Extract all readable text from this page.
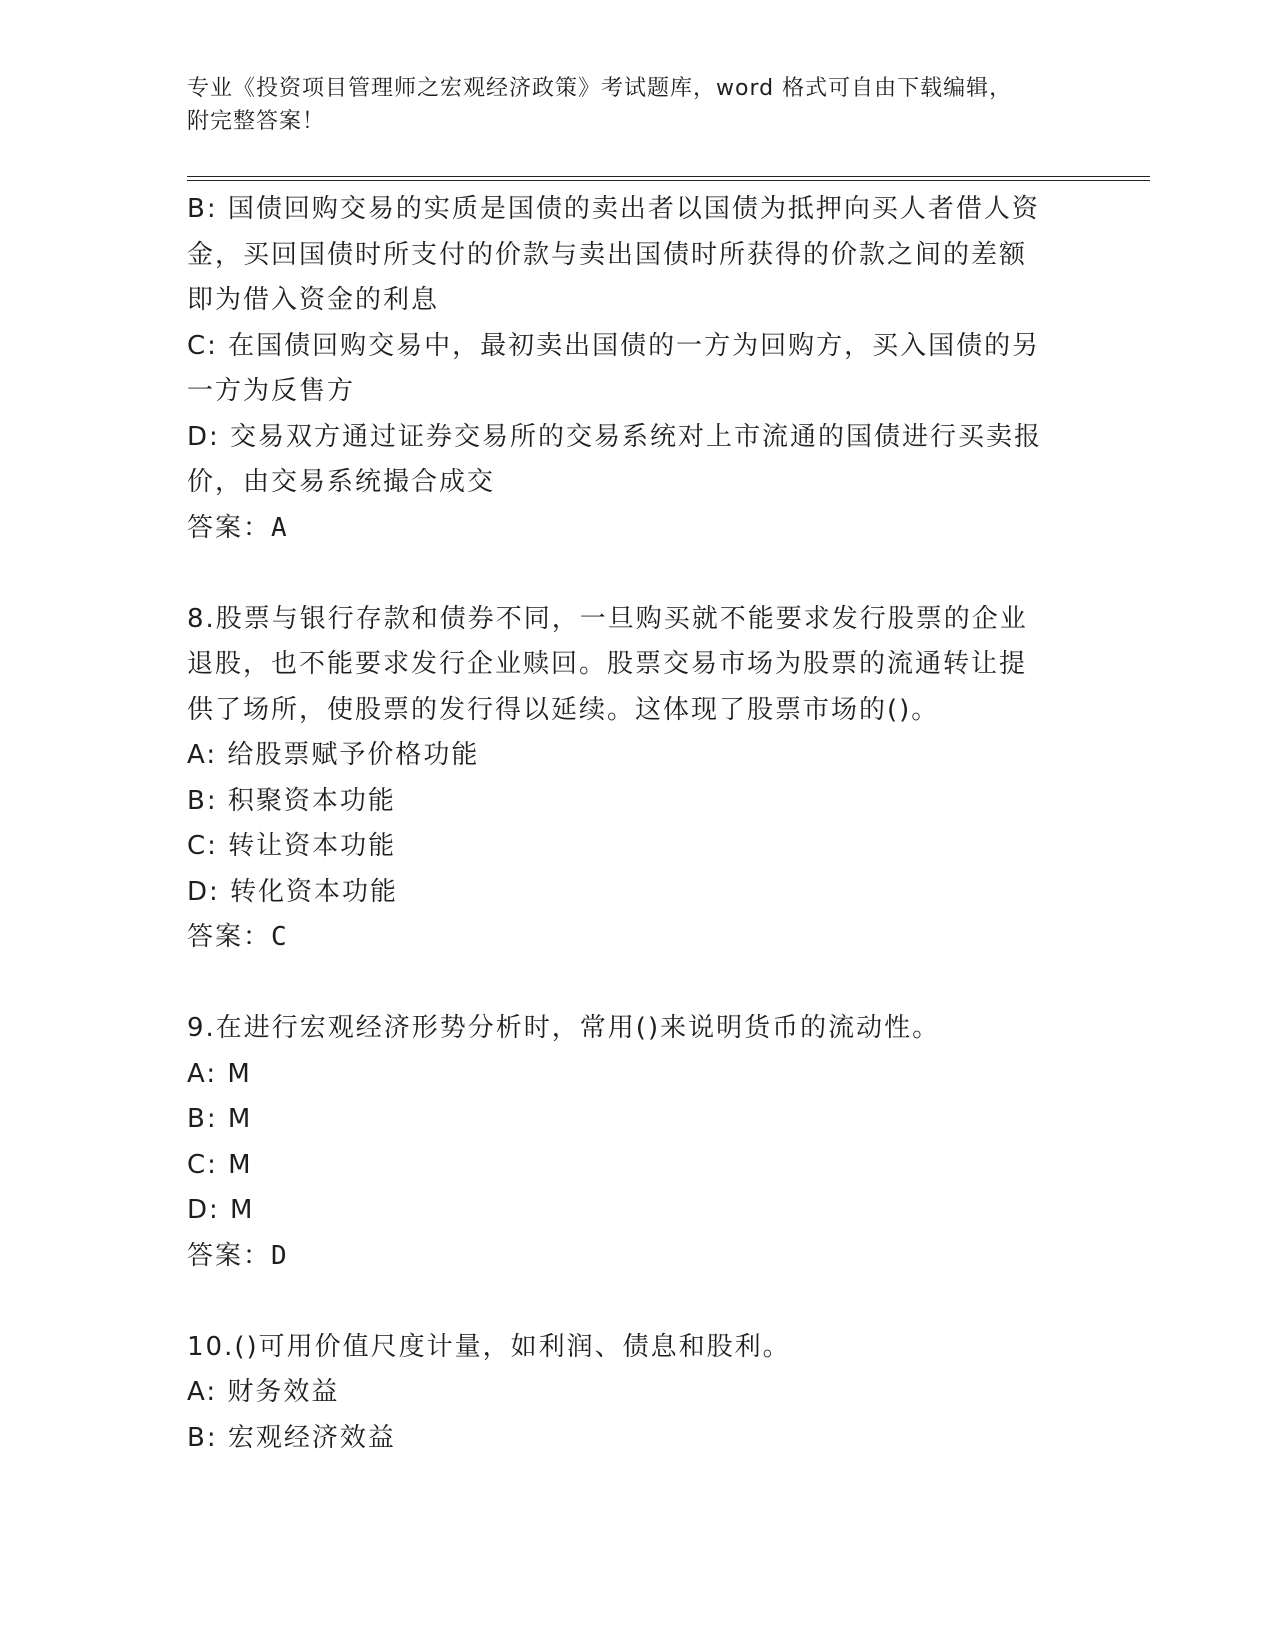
专业《投资项目管理师之宏观经济政策》考试题库，word 格式可自由下载编辑，
附完整答案！
B: 国债回购交易的实质是国债的卖出者以国债为抵押向买人者借人资
金，买回国债时所支付的价款与卖出国债时所获得的价款之间的差额
即为借入资金的利息
C: 在国债回购交易中，最初卖出国债的一方为回购方，买入国债的另
一方为反售方
D: 交易双方通过证券交易所的交易系统对上市流通的国债进行买卖报
价，由交易系统撮合成交
答案：A
8.股票与银行存款和债券不同，一旦购买就不能要求发行股票的企业
退股，也不能要求发行企业赎回。股票交易市场为股票的流通转让提
供了场所，使股票的发行得以延续。这体现了股票市场的()。
A: 给股票赋予价格功能
B: 积聚资本功能
C: 转让资本功能
D: 转化资本功能
答案：C
9.在进行宏观经济形势分析时，常用()来说明货币的流动性。
A: M
B: M
C: M
D: M
答案：D
10.()可用价值尺度计量，如利润、债息和股利。
A: 财务效益
B: 宏观经济效益
